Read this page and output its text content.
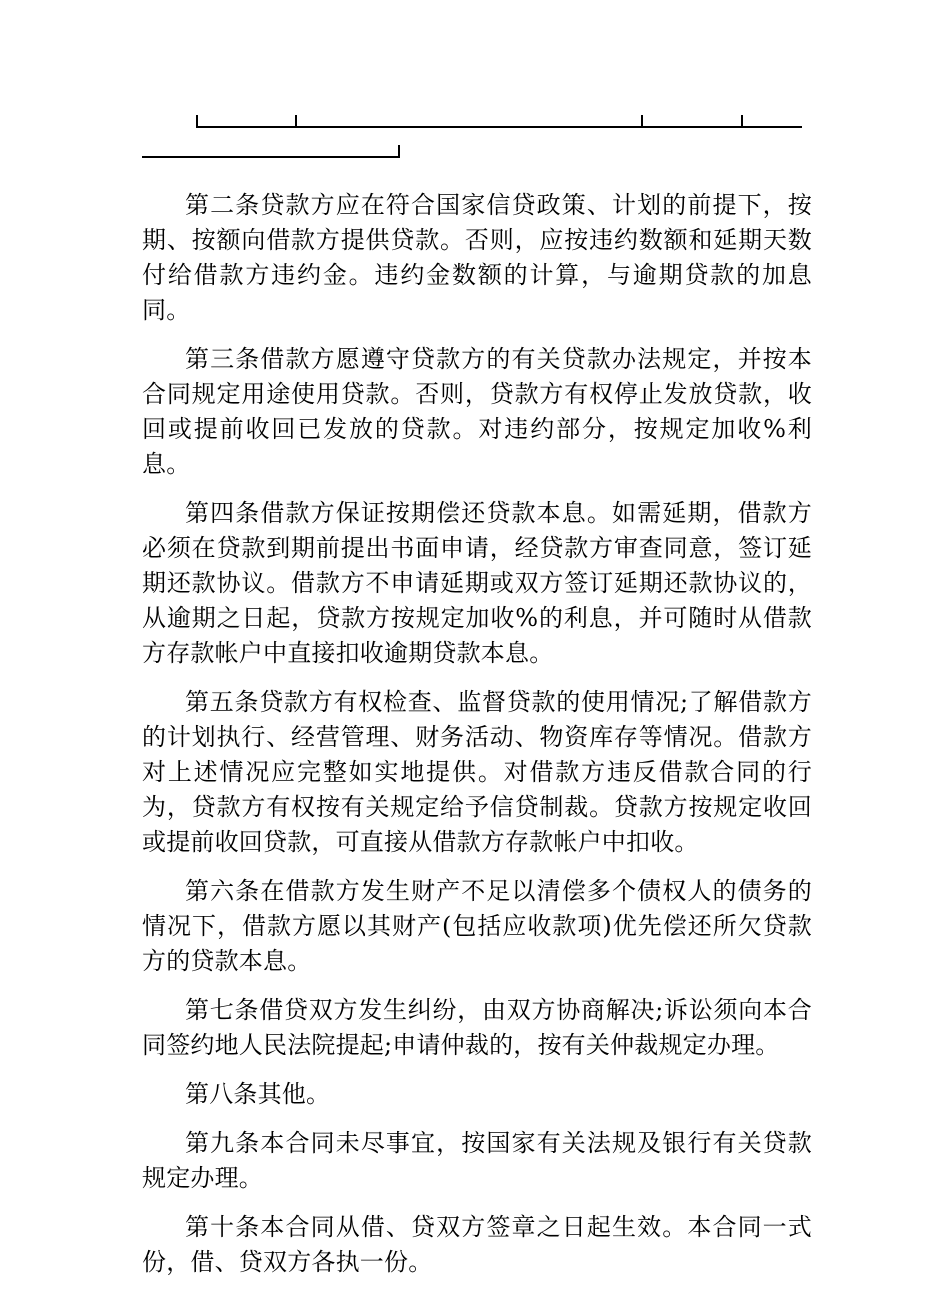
第二条贷款方应在符合国家信贷政策、计划的前提下，按期、按额向借款方提供贷款。否则，应按违约数额和延期天数付给借款方违约金。违约金数额的计算，与逾期贷款的加息同。

第三条借款方愿遵守贷款方的有关贷款办法规定，并按本合同规定用途使用贷款。否则，贷款方有权停止发放贷款，收回或提前收回已发放的贷款。对违约部分，按规定加收%利息。

第四条借款方保证按期偿还贷款本息。如需延期，借款方必须在贷款到期前提出书面申请，经贷款方审查同意，签订延期还款协议。借款方不申请延期或双方签订延期还款协议的，从逾期之日起，贷款方按规定加收%的利息，并可随时从借款方存款帐户中直接扣收逾期贷款本息。

第五条贷款方有权检查、监督贷款的使用情况;了解借款方的计划执行、经营管理、财务活动、物资库存等情况。借款方对上述情况应完整如实地提供。对借款方违反借款合同的行为，贷款方有权按有关规定给予信贷制裁。贷款方按规定收回或提前收回贷款，可直接从借款方存款帐户中扣收。

第六条在借款方发生财产不足以清偿多个债权人的债务的情况下，借款方愿以其财产(包括应收款项)优先偿还所欠贷款方的贷款本息。

第七条借贷双方发生纠纷，由双方协商解决;诉讼须向本合同签约地人民法院提起;申请仲裁的，按有关仲裁规定办理。

第八条其他。

第九条本合同未尽事宜，按国家有关法规及银行有关贷款规定办理。

第十条本合同从借、贷双方签章之日起生效。本合同一式份，借、贷双方各执一份。
